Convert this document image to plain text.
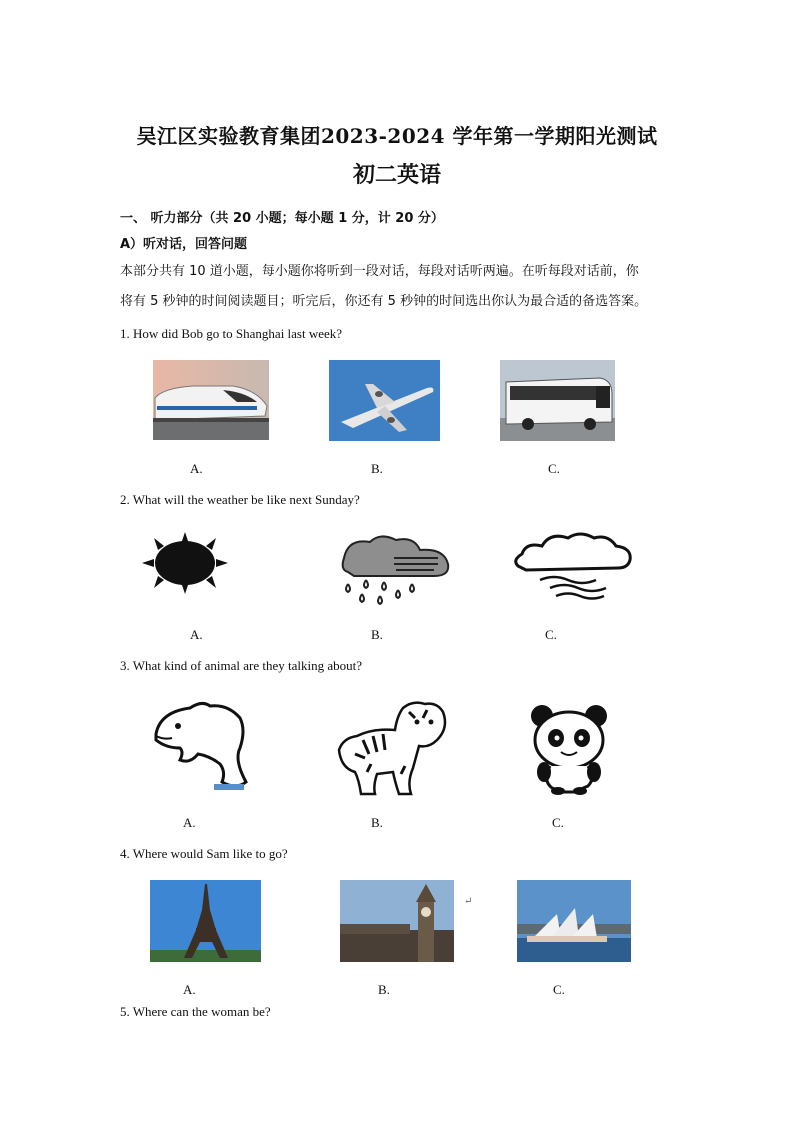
吴江区实验教育集团2023-2024 学年第一学期阳光测试
初二英语
一、 听力部分（共 20 小题；每小题 1 分，计 20 分）
A）听对话，回答问题
本部分共有 10 道小题，每小题你将听到一段对话，每段对话听两遍。在听每段对话前，你
将有 5 秒钟的时间阅读题目；听完后，你还有 5 秒钟的时间选出你认为最合适的备选答案。
1. How did Bob go to Shanghai last week?
A.	B.	C.
2. What will the weather be like next Sunday?
A.	B.	C.
3. What kind of animal are they talking about?
A.	B.	C.
4. Where would Sam like to go?
↵
A.	B.	C.
5. Where can the woman be?
